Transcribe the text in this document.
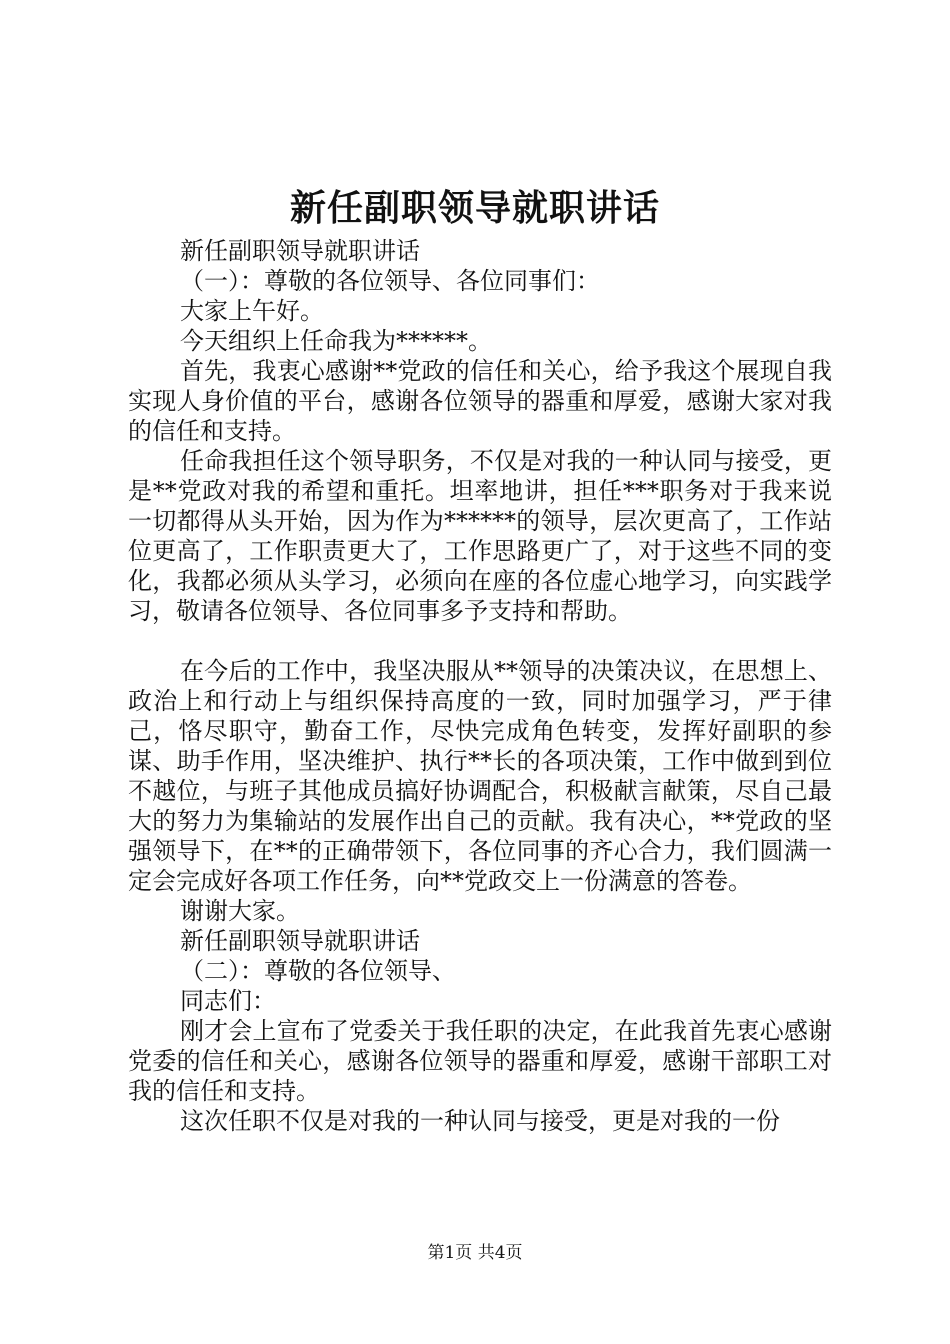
新任副职领导就职讲话

新任副职领导就职讲话

（一）：尊敬的各位领导、各位同事们：

大家上午好。

今天组织上任命我为******。

首先，我衷心感谢**党政的信任和关心，给予我这个展现自我实现人身价值的平台，感谢各位领导的器重和厚爱，感谢大家对我的信任和支持。

任命我担任这个领导职务，不仅是对我的一种认同与接受，更是**党政对我的希望和重托。坦率地讲，担任***职务对于我来说一切都得从头开始，因为作为******的领导，层次更高了，工作站位更高了，工作职责更大了，工作思路更广了，对于这些不同的变化，我都必须从头学习，必须向在座的各位虚心地学习，向实践学习，敬请各位领导、各位同事多予支持和帮助。

在今后的工作中，我坚决服从**领导的决策决议，在思想上、政治上和行动上与组织保持高度的一致，同时加强学习，严于律己，恪尽职守，勤奋工作，尽快完成角色转变，发挥好副职的参谋、助手作用，坚决维护、执行**长的各项决策，工作中做到到位不越位，与班子其他成员搞好协调配合，积极献言献策，尽自己最大的努力为集输站的发展作出自己的贡献。我有决心，**党政的坚强领导下，在**的正确带领下，各位同事的齐心合力，我们圆满一定会完成好各项工作任务，向**党政交上一份满意的答卷。

谢谢大家。

新任副职领导就职讲话

（二）：尊敬的各位领导、

同志们：

刚才会上宣布了党委关于我任职的决定，在此我首先衷心感谢党委的信任和关心，感谢各位领导的器重和厚爱，感谢干部职工对我的信任和支持。

这次任职不仅是对我的一种认同与接受，更是对我的一份

第1页 共4页
